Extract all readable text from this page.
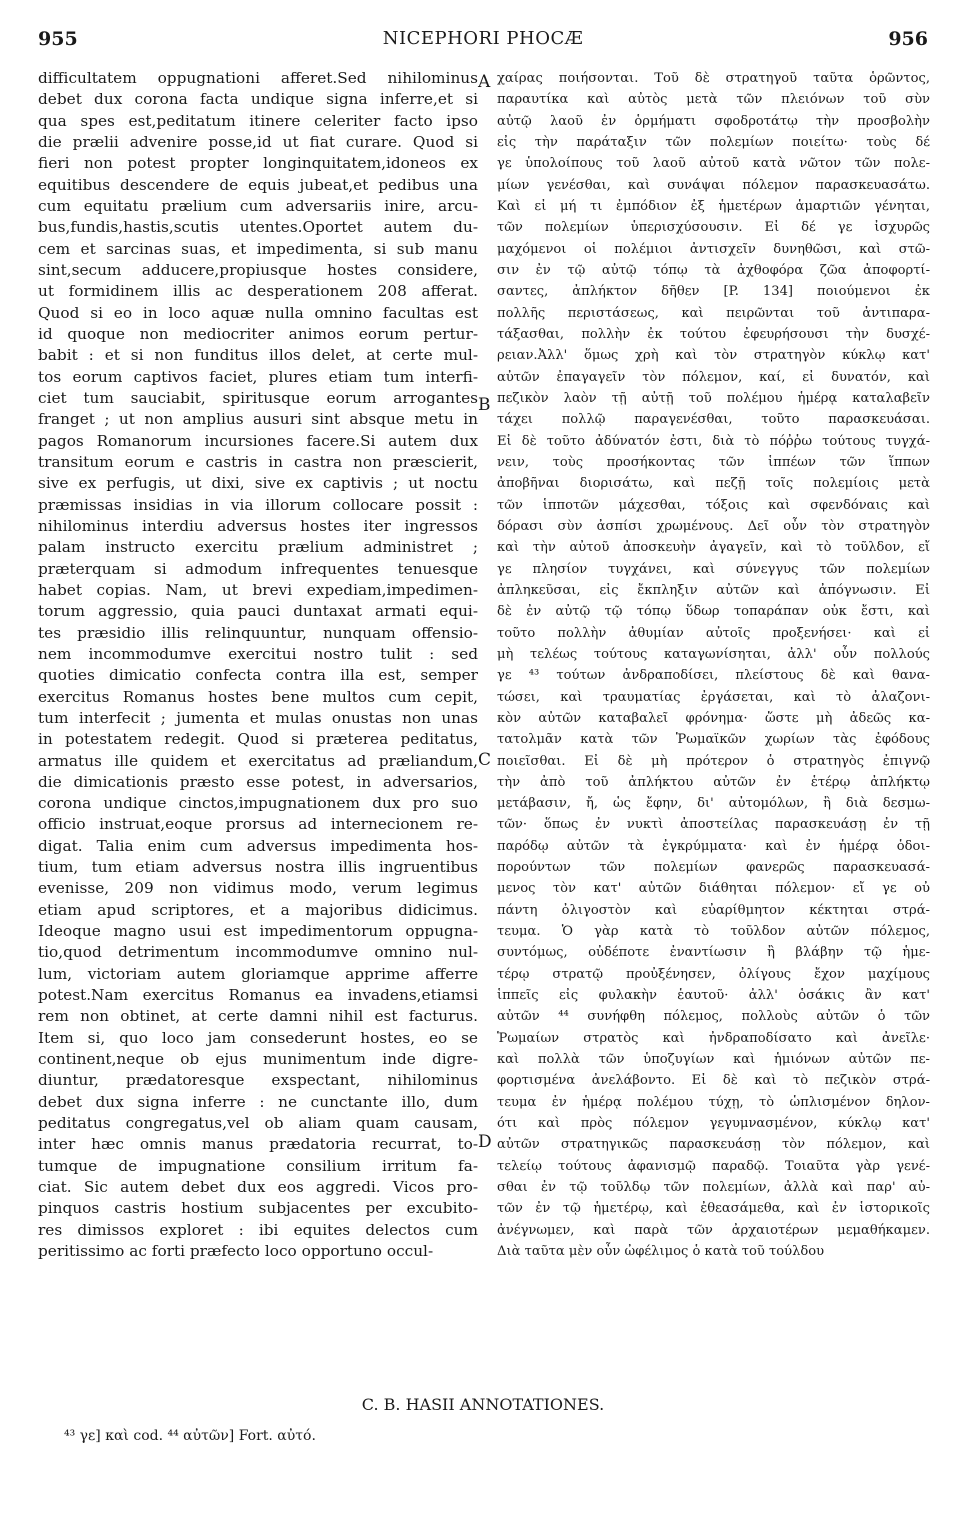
955	NICEPHORI PHOCÆ	956
difficultatem oppugnationi afferet.Sed nihilominus
debet dux corona facta undique signa inferre,et si
qua spes est,peditatum itinere celeriter facto ipso
die prælii advenire posse,id ut fiat curare. Quod si
fieri non potest propter longinquitatem,idoneos ex
equitibus descendere de equis jubeat,et pedibus una
cum equitatu prælium cum adversariis inire, arcu-
bus,fundis,hastis,scutis utentes.Oportet autem du-
cem et sarcinas suas, et impedimenta, si sub manu
sint,secum adducere,propiusque hostes considere,
ut formidinem illis ac desperationem 208 afferat.
Quod si eo in loco aquæ nulla omnino facultas est
id quoque non mediocriter animos eorum pertur-
babit : et si non funditus illos delet, at certe mul-
tos eorum captivos faciet, plures etiam tum interfi-
ciet tum sauciabit, spiritusque eorum arrogantes
franget ; ut non amplius ausuri sint absque metu in
pagos Romanorum incursiones facere.Si autem dux
transitum eorum e castris in castra non præscierit,
sive ex perfugis, ut dixi, sive ex captivis ; ut noctu
præmissas insidias in via illorum collocare possit :
nihilominus interdiu adversus hostes iter ingressos
palam instructo exercitu prælium administret ;
præterquam si admodum infrequentes tenuesque
habet copias. Nam, ut brevi expediam,impedimen-
torum aggressio, quia pauci duntaxat armati equi-
tes præsidio illis relinquuntur, nunquam offensio-
nem incommodumve exercitui nostro tulit : sed
quoties dimicatio confecta contra illa est, semper
exercitus Romanus hostes bene multos cum cepit,
tum interfecit ; jumenta et mulas onustas non unas
in potestatem redegit. Quod si præterea peditatus,
armatus ille quidem et exercitatus ad præliandum,
die dimicationis præsto esse potest, in adversarios,
corona undique cinctos,impugnationem dux pro suo
officio instruat,eoque prorsus ad internecionem re-
digat. Talia enim cum adversus impedimenta hos-
tium, tum etiam adversus nostra illis ingruentibus
evenisse, 209 non vidimus modo, verum legimus
etiam apud scriptores, et a majoribus didicimus.
Ideoque magno usui est impedimentorum oppugna-
tio,quod detrimentum incommodumve omnino nul-
lum, victoriam autem gloriamque apprime afferre
potest.Nam exercitus Romanus ea invadens,etiamsi
rem non obtinet, at certe damni nihil est facturus.
Item si, quo loco jam consederunt hostes, eo se
continent,neque ob ejus munimentum inde digre-
diuntur, prædatoresque exspectant, nihilominus
debet dux signa inferre : ne cunctante illo, dum
peditatus congregatus,vel ob aliam quam causam,
inter hæc omnis manus prædatoria recurrat, to-
tumque de impugnatione consilium irritum fa-
ciat. Sic autem debet dux eos aggredi. Vicos pro-
pinquos castris hostium subjacentes per excubito-
res dimissos exploret : ibi equites delectos cum
peritissimo ac forti præfecto loco opportuno occul-
χαίρας ποιήσονται. Τοῦ δὲ στρατηγοῦ ταῦτα ὁρῶντος,
παραυτίκα καὶ αὐτὸς μετὰ τῶν πλειόνων τοῦ σὺν
αὐτῷ λαοῦ ἐν ὁρμήματι σφοδροτάτῳ τὴν προσβολὴν
εἰς τὴν παράταξιν τῶν πολεμίων ποιείτω· τοὺς δέ
γε ὑπολοίπους τοῦ λαοῦ αὐτοῦ κατὰ νῶτον τῶν πολε-
μίων γενέσθαι, καὶ συνάψαι πόλεμον παρασκευασάτω.
Καὶ εἰ μή τι ἐμπόδιον ἐξ ἡμετέρων ἁμαρτιῶν γένηται,
τῶν πολεμίων ὑπερισχύσουσιν. Εἰ δέ γε ἰσχυρῶς
μαχόμενοι οἱ πολέμιοι ἀντισχεῖν δυνηθῶσι, καὶ στῶ-
σιν ἐν τῷ αὐτῷ τόπῳ τὰ ἀχθοφόρα ζῶα ἀποφορτί-
σαντες, ἀπλήκτον δῆθεν [P. 134] ποιούμενοι ἐκ
πολλῆς περιστάσεως, καὶ πειρῶνται τοῦ ἀντιπαρα-
τάξασθαι, πολλὴν ἐκ τούτου ἐφευρήσουσι τὴν δυσχέ-
ρειαν.Ἀλλ' ὅμως χρὴ καὶ τὸν στρατηγὸν κύκλῳ κατ'
αὐτῶν ἐπαγαγεῖν τὸν πόλεμον, καί, εἰ δυνατόν, καὶ
πεζικὸν λαὸν τῇ αὐτῇ τοῦ πολέμου ἡμέρᾳ καταλαβεῖν
τάχει πολλῷ παραγενέσθαι, τοῦτο παρασκευάσαι.
Εἰ δὲ τοῦτο ἀδύνατόν ἐστι, διὰ τὸ πόῤῥω τούτους τυγχά-
νειν, τοὺς προσήκοντας τῶν ἱππέων τῶν ἵππων
ἀποβῆναι διορισάτω, καὶ πεζῇ τοῖς πολεμίοις μετὰ
τῶν ἱπποτῶν μάχεσθαι, τόξοις καὶ σφενδόναις καὶ
δόρασι σὺν ἀσπίσι χρωμένους. Δεῖ οὖν τὸν στρατηγὸν
καὶ τὴν αὐτοῦ ἀποσκευὴν ἀγαγεῖν, καὶ τὸ τοῦλδον, εἴ
γε πλησίον τυγχάνει, καὶ σύνεγγυς τῶν πολεμίων
ἀπληκεῦσαι, εἰς ἔκπληξιν αὐτῶν καὶ ἀπόγνωσιν. Εἰ
δὲ ἐν αὐτῷ τῷ τόπῳ ὕδωρ τοπαράπαν οὐκ ἔστι, καὶ
τοῦτο πολλὴν ἀθυμίαν αὐτοῖς προξενήσει· καὶ εἰ
μὴ τελέως τούτους καταγωνίσηται, ἀλλ' οὖν πολλούς
γε ⁴³ τούτων ἀνδραποδίσει, πλείστους δὲ καὶ θανα-
τώσει, καὶ τραυματίας ἐργάσεται, καὶ τὸ ἀλαζονι-
κὸν αὐτῶν καταβαλεῖ φρόνημα· ὥστε μὴ ἀδεῶς κα-
τατολμᾶν κατὰ τῶν Ῥωμαϊκῶν χωρίων τὰς ἐφόδους
ποιεῖσθαι. Εἰ δὲ μὴ πρότερον ὁ στρατηγὸς ἐπιγνῷ
τὴν ἀπὸ τοῦ ἀπλήκτου αὐτῶν ἐν ἑτέρῳ ἀπλήκτῳ
μετάβασιν, ἤ, ὡς ἔφην, δι' αὐτομόλων, ἢ διὰ δεσμω-
τῶν· ὅπως ἐν νυκτὶ ἀποστείλας παρασκευάσῃ ἐν τῇ
παρόδῳ αὐτῶν τὰ ἐγκρύμματα· καὶ ἐν ἡμέρᾳ ὁδοι-
πορούντων τῶν πολεμίων φανερῶς παρασκευασά-
μενος τὸν κατ' αὐτῶν διάθηται πόλεμον· εἴ γε οὐ
πάντη ὀλιγοστὸν καὶ εὐαρίθμητον κέκτηται στρά-
τευμα. Ὁ γὰρ κατὰ τὸ τοῦλδον αὐτῶν πόλεμος,
συντόμως, οὐδέποτε ἐναντίωσιν ἢ βλάβην τῷ ἡμε-
τέρῳ στρατῷ προὐξένησεν, ὀλίγους ἔχον μαχίμους
ἱππεῖς εἰς φυλακὴν ἑαυτοῦ· ἀλλ' ὁσάκις ἂν κατ'
αὐτῶν ⁴⁴ συνήφθη πόλεμος, πολλοὺς αὐτῶν ὁ τῶν
Ῥωμαίων στρατὸς καὶ ἠνδραποδίσατο καὶ ἀνεῖλε·
καὶ πολλὰ τῶν ὑποζυγίων καὶ ἡμιόνων αὐτῶν πε-
φορτισμένα ἀνελάβοντο. Εἰ δὲ καὶ τὸ πεζικὸν στρά-
τευμα ἐν ἡμέρᾳ πολέμου τύχῃ, τὸ ὡπλισμένον δηλον-
ότι καὶ πρὸς πόλεμον γεγυμνασμένον, κύκλῳ κατ'
αὐτῶν στρατηγικῶς παρασκευάσῃ τὸν πόλεμον, καὶ
τελείῳ τούτους ἀφανισμῷ παραδῷ. Τοιαῦτα γὰρ γενέ-
σθαι ἐν τῷ τοῦλδῳ τῶν πολεμίων, ἀλλὰ καὶ παρ' αὐ-
τῶν ἐν τῷ ἡμετέρῳ, καὶ ἐθεασάμεθα, καὶ ἐν ἱστορικοῖς
ἀνέγνωμεν, καὶ παρὰ τῶν ἀρχαιοτέρων μεμαθήκαμεν.
Διὰ ταῦτα μὲν οὖν ὠφέλιμος ὁ κατὰ τοῦ τούλδου
A
B
C
D
C. B. HASII ANNOTATIONES.
⁴³ γε] καὶ cod. ⁴⁴ αὐτῶν] Fort. αὐτό.
